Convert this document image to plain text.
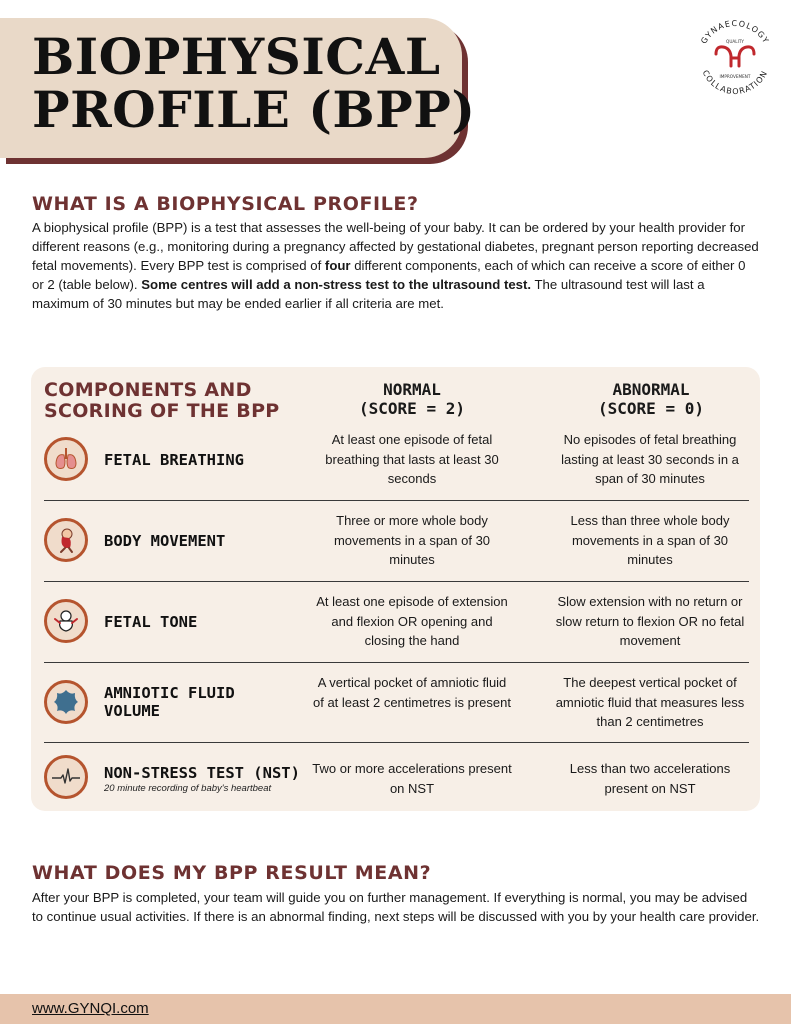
BIOPHYSICAL
PROFILE (BPP)
GYNAECOLOGY
COLLABORATION
QUALITY
IMPROVEMENT
WHAT IS A BIOPHYSICAL PROFILE?

A biophysical profile (BPP) is a test that assesses the well-being of your baby. It can be ordered by your health provider for different reasons (e.g., monitoring during a pregnancy affected by gestational diabetes, pregnant person reporting decreased fetal movements). Every BPP test is comprised of four different components, each of which can receive a score of either 0 or 2 (table below). Some centres will add a non-stress test to the ultrasound test. The ultrasound test will last a maximum of 30 minutes but may be ended earlier if all criteria are met.

COMPONENTS AND
SCORING OF THE BPP
NORMAL
(SCORE = 2)
ABNORMAL
(SCORE = 0)
FETAL BREATHING
At least one episode of fetal breathing that lasts at least 30 seconds
No episodes of fetal breathing lasting at least 30 seconds in a span of 30 minutes
BODY MOVEMENT
Three or more whole body movements in a span of 30 minutes
Less than three whole body movements in a span of 30 minutes
FETAL TONE
At least one episode of extension and flexion OR opening and closing the hand
Slow extension with no return or slow return to flexion OR no fetal movement
AMNIOTIC FLUID
VOLUME
A vertical pocket of amniotic fluid of at least 2 centimetres is present
The deepest vertical pocket of amniotic fluid that measures less than 2 centimetres
NON-STRESS TEST (NST)
20 minute recording of baby's heartbeat
Two or more accelerations present on NST
Less than two accelerations present on NST
WHAT DOES MY BPP RESULT MEAN?

After your BPP is completed, your team will guide you on further management. If everything is normal, you may be advised to continue usual activities. If there is an abnormal finding, next steps will be discussed with you by your health care provider.

www.GYNQI.com
